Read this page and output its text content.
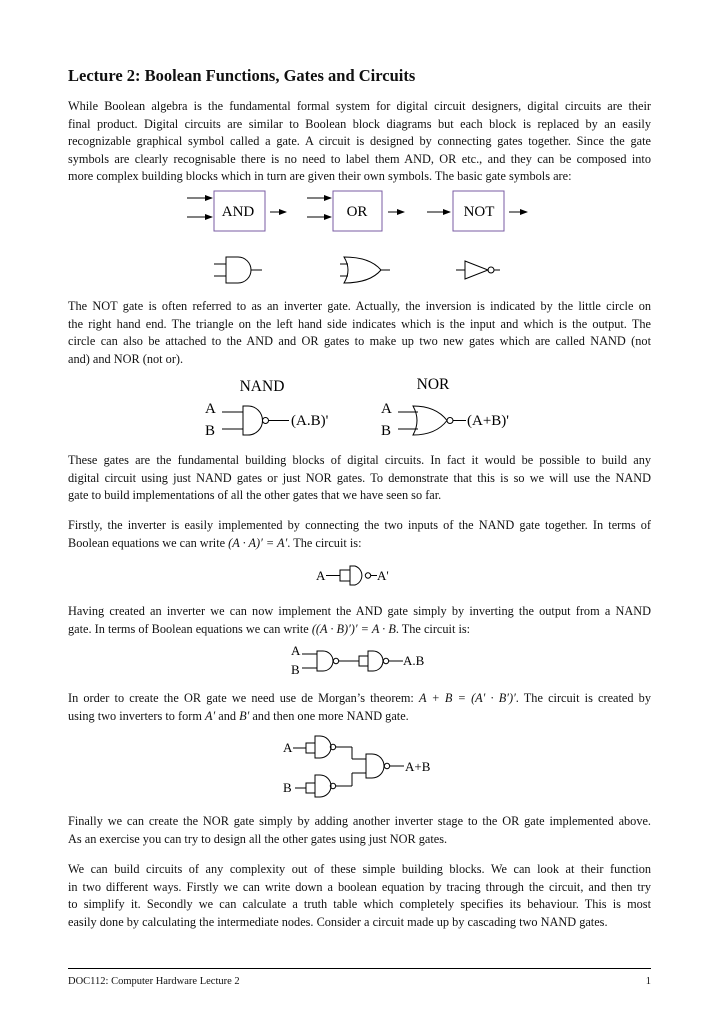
Lecture 2: Boolean Functions, Gates and Circuits
While Boolean algebra is the fundamental formal system for digital circuit designers, digital circuits are their
final product. Digital circuits are similar to Boolean block diagrams but each block is replaced by an easily
recognizable graphical symbol called a gate. A circuit is designed by connecting gates together. Since the gate
symbols are clearly recognisable there is no need to label them AND, OR etc., and they can be composed into
more complex building blocks which in turn are given their own symbols. The basic gate symbols are:
AND	OR	NOT
The NOT gate is often referred to as an inverter gate. Actually, the inversion is indicated by the little circle on
the right hand end. The triangle on the left hand side indicates which is the input and which is the output. The
circle can also be attached to the AND and OR gates to make up two new gates which are called NAND (not
and) and NOR (not or).
NAND
A
B
(A.B)'
NOR
A
B
(A+B)'
These gates are the fundamental building blocks of digital circuits. In fact it would be possible to build any
digital circuit using just NAND gates or just NOR gates. To demonstrate that this is so we will use the NAND
gate to build implementations of all the other gates that we have seen so far.
Firstly, the inverter is easily implemented by connecting the two inputs of the NAND gate together. In terms of
Boolean equations we can write (A · A)′ = A′. The circuit is:
A	A'
Having created an inverter we can now implement the AND gate simply by inverting the output from a NAND
gate. In terms of Boolean equations we can write ((A · B)′)′ = A · B. The circuit is:
A
B
A.B
In order to create the OR gate we need use de Morgan’s theorem: A + B = (A′ · B′)′. The circuit is created by
using two inverters to form A′ and B′ and then one more NAND gate.
A
B
A+B
Finally we can create the NOR gate simply by adding another inverter stage to the OR gate implemented above.
As an exercise you can try to design all the other gates using just NOR gates.
We can build circuits of any complexity out of these simple building blocks. We can look at their function
in two different ways. Firstly we can write down a boolean equation by tracing through the circuit, and then try
to simplify it. Secondly we can calculate a truth table which completely specifies its behaviour. This is most
easily done by calculating the intermediate nodes. Consider a circuit made up by cascading two NAND gates.
DOC112: Computer Hardware Lecture 2	1
